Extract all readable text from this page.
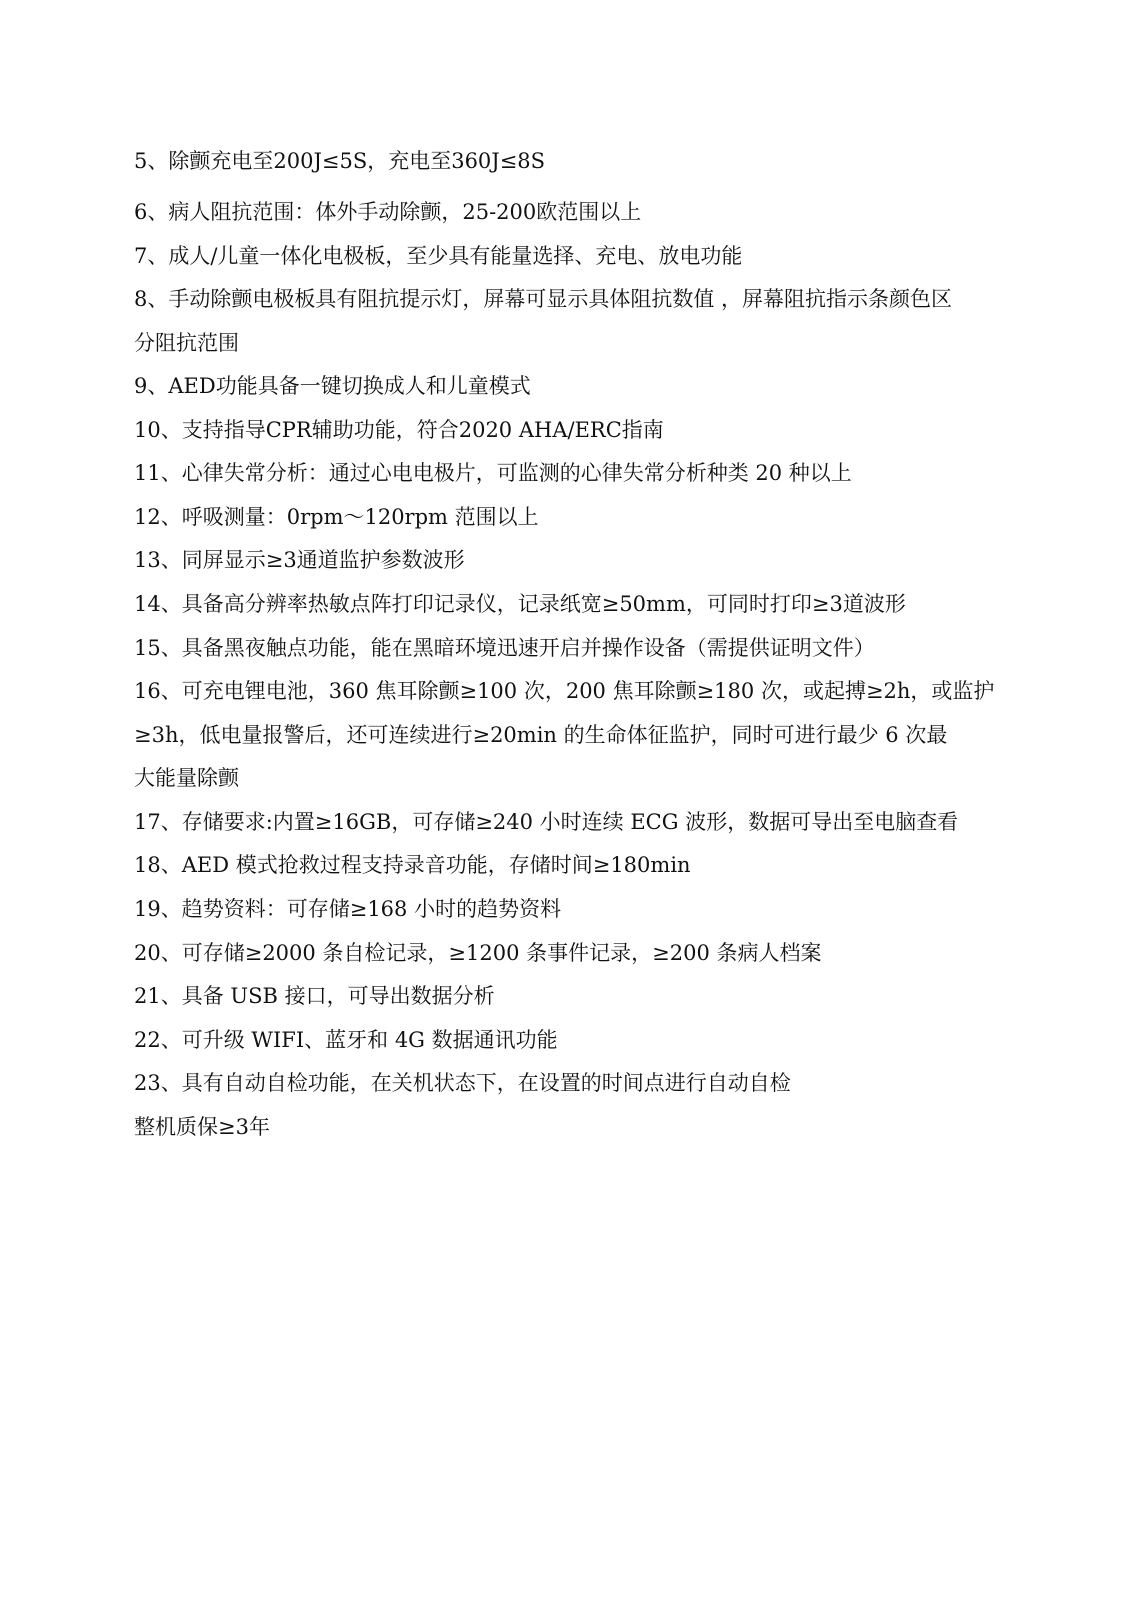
5、除颤充电至200J≤5S，充电至360J≤8S
6、病人阻抗范围：体外手动除颤，25-200欧范围以上
7、成人/儿童一体化电极板，至少具有能量选择、充电、放电功能
8、手动除颤电极板具有阻抗提示灯，屏幕可显示具体阻抗数值 ，屏幕阻抗指示条颜色区
分阻抗范围
9、AED功能具备一键切换成人和儿童模式
10、支持指导CPR辅助功能，符合2020 AHA/ERC指南
11、心律失常分析：通过心电电极片，可监测的心律失常分析种类 20 种以上
12、呼吸测量：0rpm～120rpm 范围以上
13、同屏显示≥3通道监护参数波形
14、具备高分辨率热敏点阵打印记录仪，记录纸宽≥50mm，可同时打印≥3道波形
15、具备黑夜触点功能，能在黑暗环境迅速开启并操作设备（需提供证明文件）
16、可充电锂电池，360 焦耳除颤≥100 次，200 焦耳除颤≥180 次，或起搏≥2h，或监护
≥3h，低电量报警后，还可连续进行≥20min 的生命体征监护，同时可进行最少 6 次最
大能量除颤
17、存储要求:内置≥16GB，可存储≥240 小时连续 ECG 波形，数据可导出至电脑查看
18、AED 模式抢救过程支持录音功能，存储时间≥180min
19、趋势资料：可存储≥168 小时的趋势资料
20、可存储≥2000 条自检记录，≥1200 条事件记录，≥200 条病人档案
21、具备 USB 接口，可导出数据分析
22、可升级 WIFI、蓝牙和 4G 数据通讯功能
23、具有自动自检功能，在关机状态下，在设置的时间点进行自动自检
整机质保≥3年
